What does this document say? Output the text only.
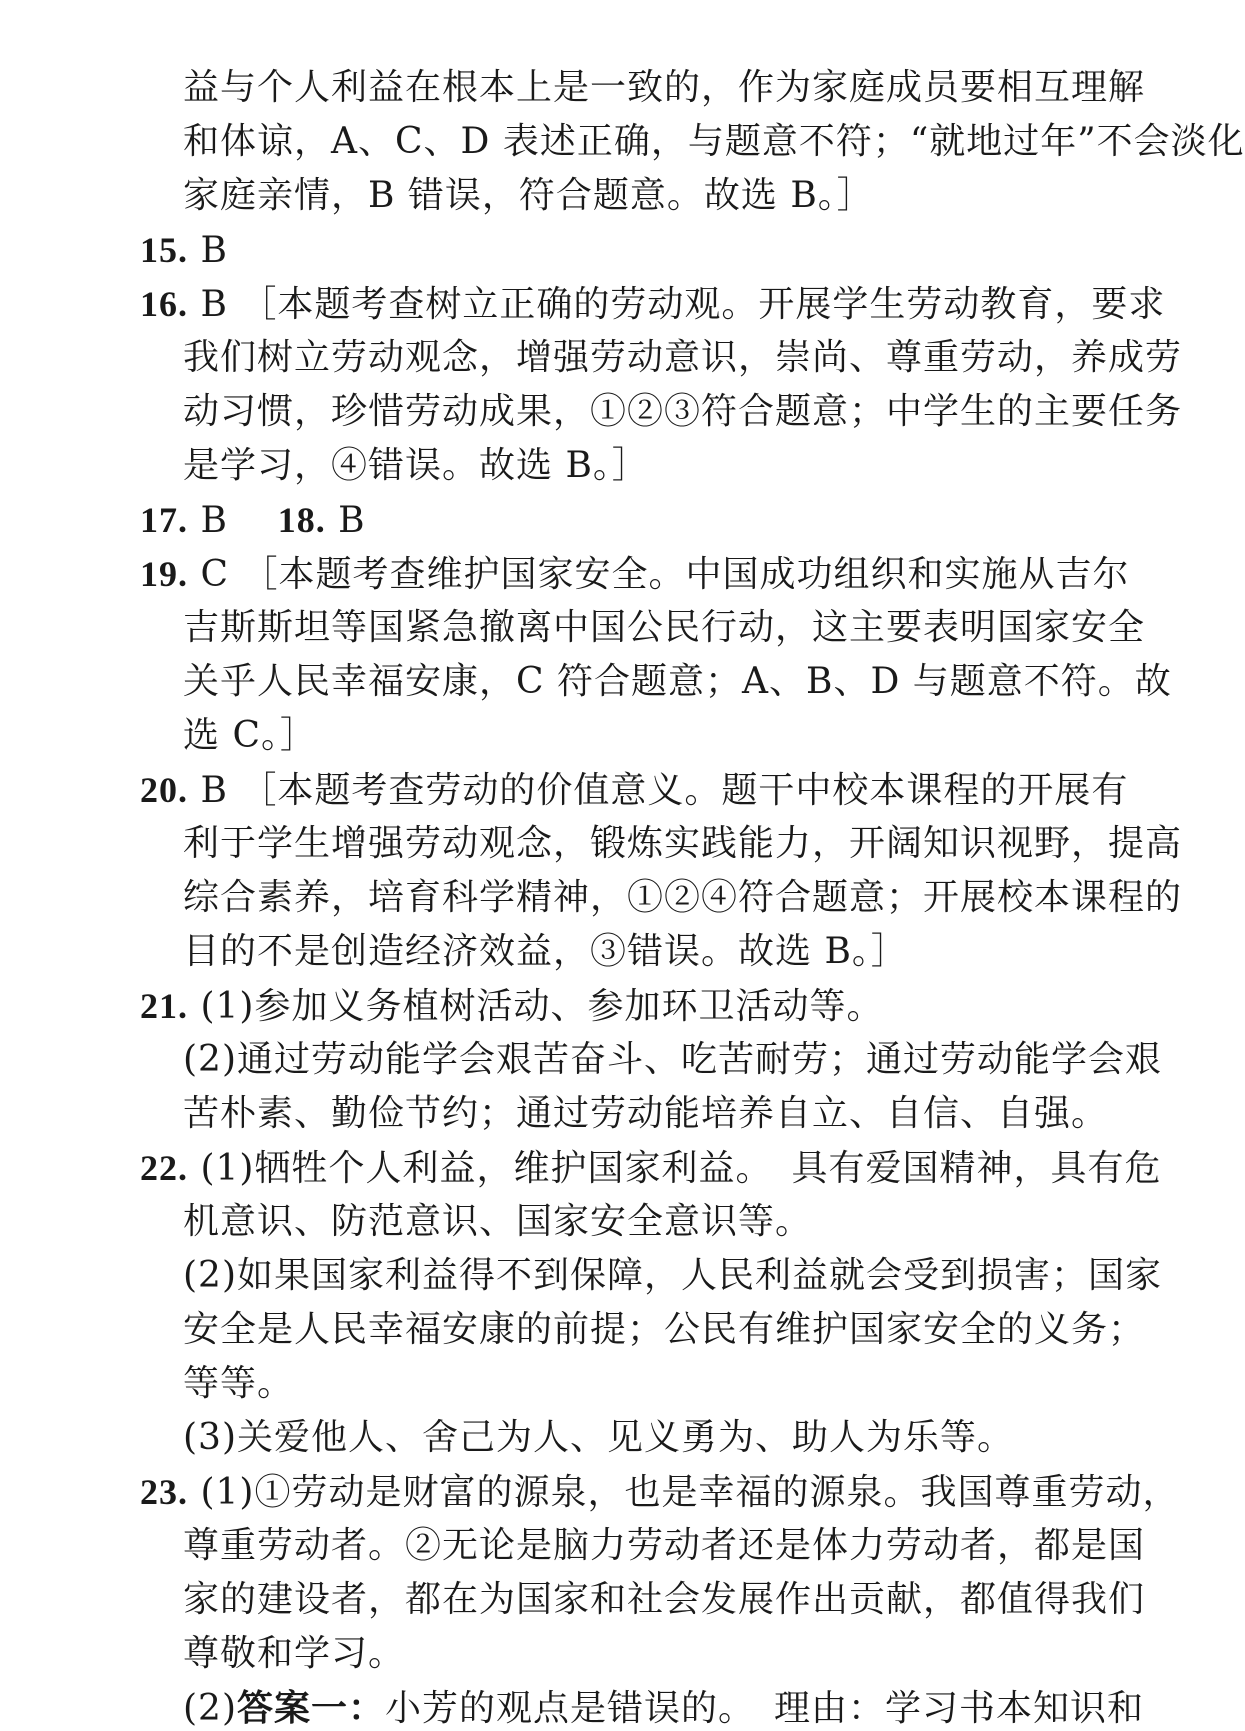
益与个人利益在根本上是一致的，作为家庭成员要相互理解
和体谅，A、C、D 表述正确，与题意不符；“就地过年”不会淡化
家庭亲情，B 错误，符合题意。故选 B。］
15. B
16. B ［本题考查树立正确的劳动观。开展学生劳动教育，要求
我们树立劳动观念，增强劳动意识，崇尚、尊重劳动，养成劳
动习惯，珍惜劳动成果，①②③符合题意；中学生的主要任务
是学习，④错误。故选 B。］
17. B 18. B
19. C ［本题考查维护国家安全。中国成功组织和实施从吉尔
吉斯斯坦等国紧急撤离中国公民行动，这主要表明国家安全
关乎人民幸福安康，C 符合题意；A、B、D 与题意不符。故
选 C。］
20. B ［本题考查劳动的价值意义。题干中校本课程的开展有
利于学生增强劳动观念，锻炼实践能力，开阔知识视野，提高
综合素养，培育科学精神，①②④符合题意；开展校本课程的
目的不是创造经济效益，③错误。故选 B。］
21. (1)参加义务植树活动、参加环卫活动等。
(2)通过劳动能学会艰苦奋斗、吃苦耐劳；通过劳动能学会艰
苦朴素、勤俭节约；通过劳动能培养自立、自信、自强。
22. (1)牺牲个人利益，维护国家利益。　具有爱国精神，具有危
机意识、防范意识、国家安全意识等。
(2)如果国家利益得不到保障，人民利益就会受到损害；国家
安全是人民幸福安康的前提；公民有维护国家安全的义务；
等等。
(3)关爱他人、舍己为人、见义勇为、助人为乐等。
23. (1)①劳动是财富的源泉，也是幸福的源泉。我国尊重劳动，
尊重劳动者。②无论是脑力劳动者还是体力劳动者，都是国
家的建设者，都在为国家和社会发展作出贡献，都值得我们
尊敬和学习。
(2)答案一：小芳的观点是错误的。　理由：学习书本知识和
